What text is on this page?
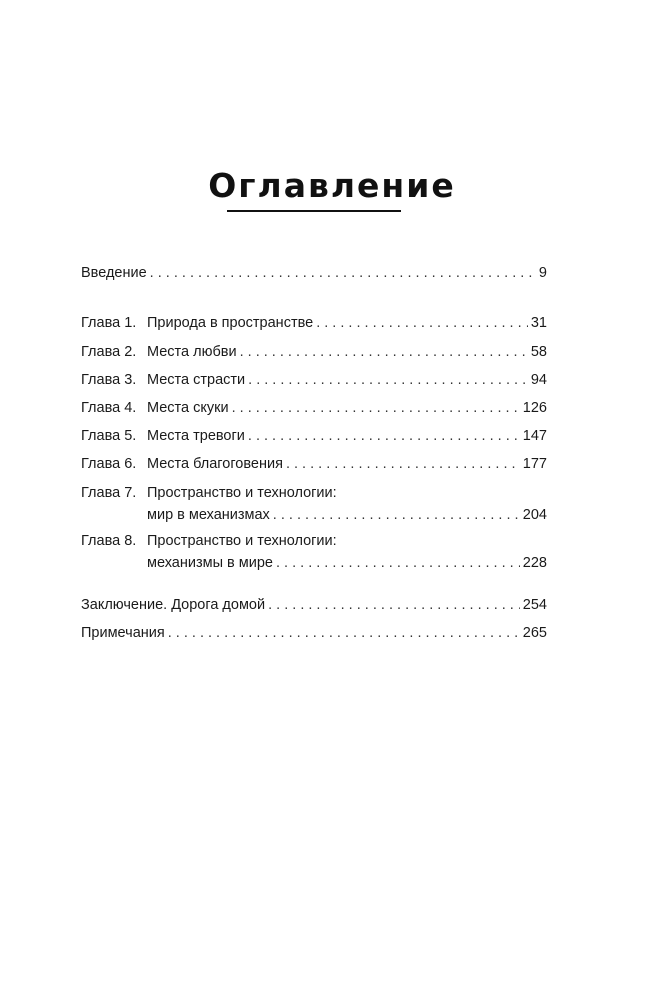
Оглавление
Введение . . .	9
Глава 1. Природа в пространстве . . .	31
Глава 2. Места любви . . .	58
Глава 3. Места страсти . . .	94
Глава 4. Места скуки . . .	126
Глава 5. Места тревоги . . .	147
Глава 6. Места благоговения . . .	177
Глава 7. Пространство и технологии:
мир в механизмах . . .	204
Глава 8. Пространство и технологии:
механизмы в мире . . .	228
Заключение. Дорога домой . . .	254
Примечания . . .	265
